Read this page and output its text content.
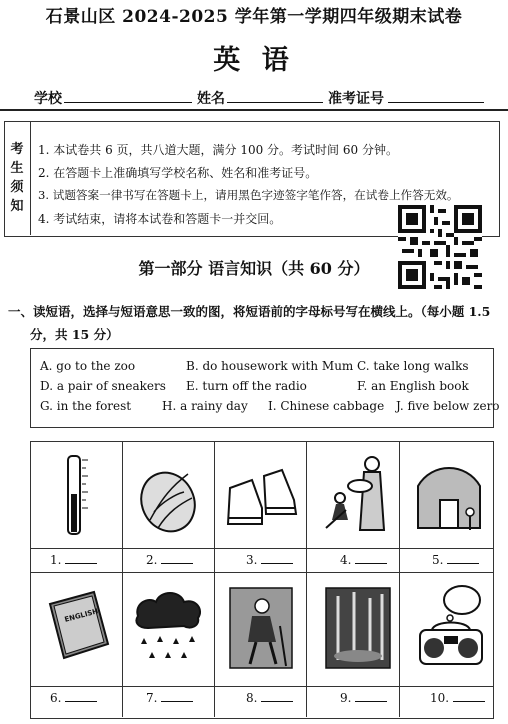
石景山区 2024-2025 学年第一学期四年级期末试卷
英 语
学校	姓名	准考证号
考
生
须
知
1. 本试卷共 6 页，共八道大题，满分 100 分。考试时间 60 分钟。
2. 在答题卡上准确填写学校名称、姓名和准考证号。
3. 试题答案一律书写在答题卡上，请用黑色字迹签字笔作答，在试卷上作答无效。
4. 考试结束，请将本试卷和答题卡一并交回。
第一部分 语言知识（共 60 分）
一、读短语，选择与短语意思一致的图，将短语前的字母标号写在横线上。（每小题 1.5
分，共 15 分）
A. go to the zoo	B. do housework with Mum C. take long walks
D. a pair of sneakers E. turn off the radio	F. an English book
G. in the forest	H. a rainy day I. Chinese cabbage J. five below zero
1.	2.	3.	4.	5.
ENGLISH
6.	7.	8.	9.	10.
